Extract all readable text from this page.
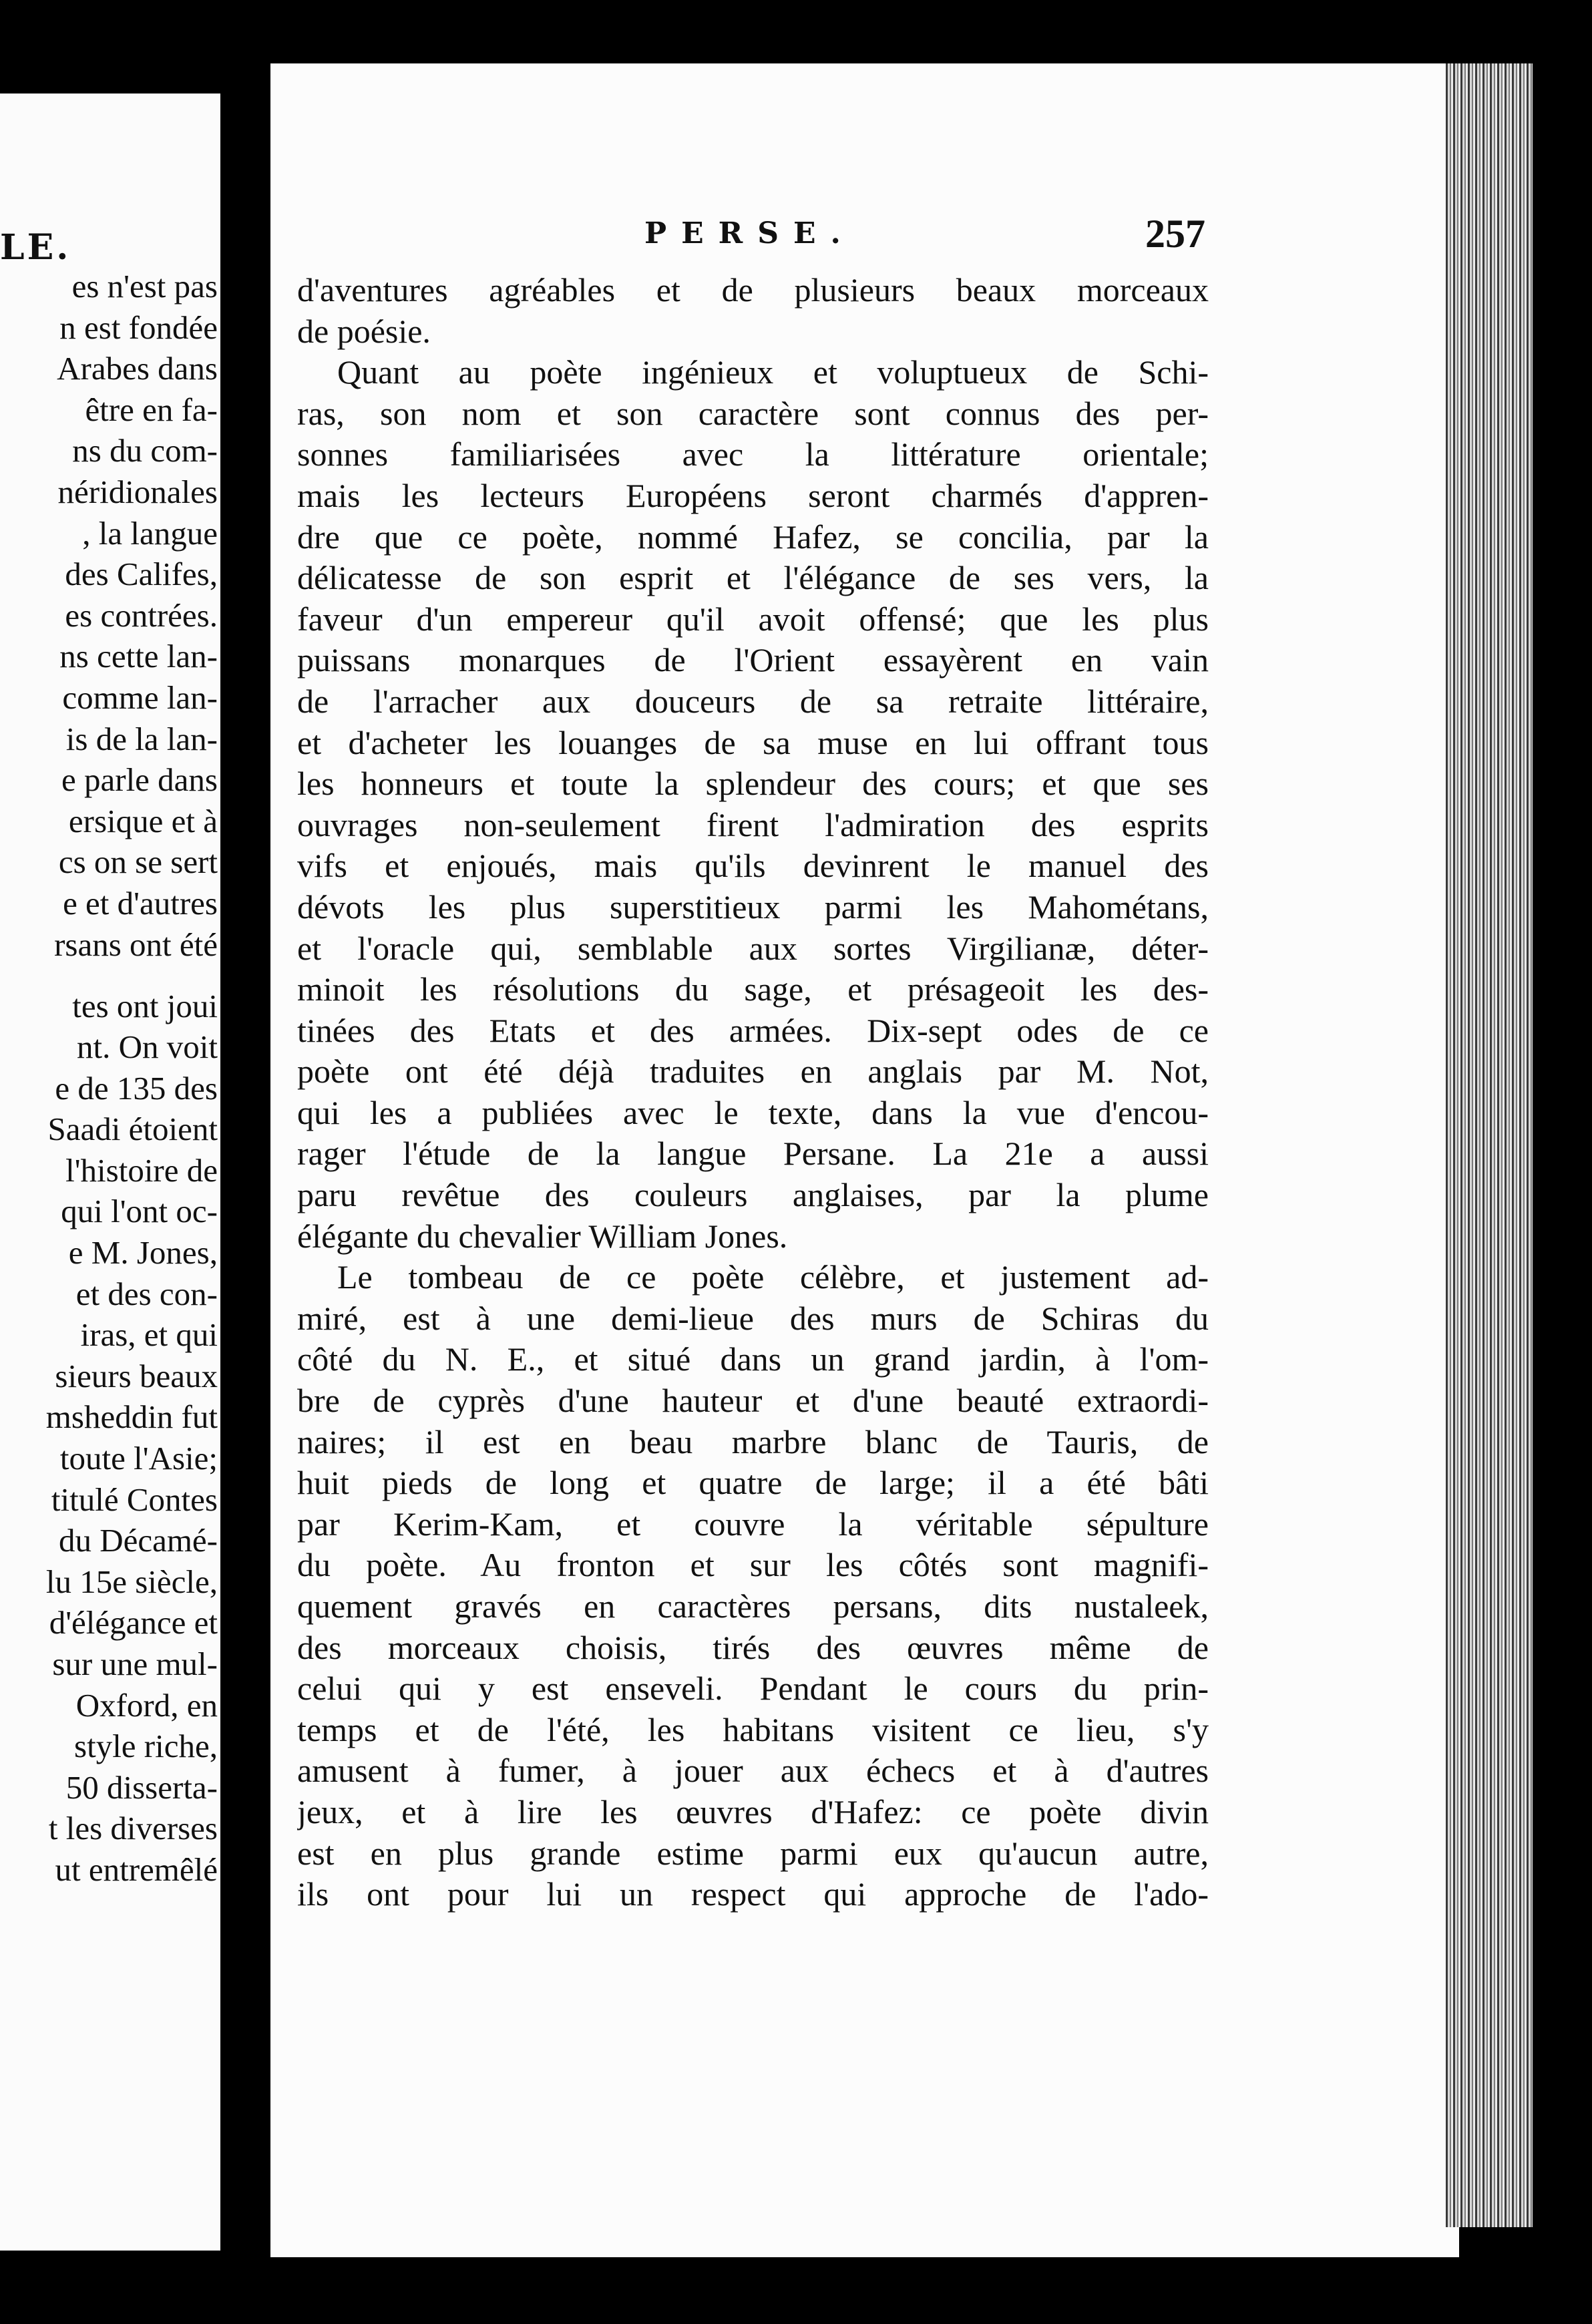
LE.
es n'est pas
n est fondée
Arabes dans
être en fa-
ns du com-
néridionales
, la langue
des Califes,
es contrées.
ns cette lan-
comme lan-
is de la lan-
e parle dans
ersique et à
cs on se sert
e et d'autres
rsans ont été
tes ont joui
nt. On voit
e de 135 des
Saadi étoient
l'histoire de
qui l'ont oc-
e M. Jones,
et des con-
iras, et qui
sieurs beaux
msheddin fut
toute l'Asie;
titulé Contes
du Décamé-
lu 15e siècle,
d'élégance et
sur une mul-
Oxford, en
style riche,
50 disserta-
t les diverses
ut entremêlé
PERSE.	257
d'aventures agréables et de plusieurs beaux morceaux
de poésie.
Quant au poète ingénieux et voluptueux de Schi-
ras, son nom et son caractère sont connus des per-
sonnes familiarisées avec la littérature orientale;
mais les lecteurs Européens seront charmés d'appren-
dre que ce poète, nommé Hafez, se concilia, par la
délicatesse de son esprit et l'élégance de ses vers, la
faveur d'un empereur qu'il avoit offensé; que les plus
puissans monarques de l'Orient essayèrent en vain
de l'arracher aux douceurs de sa retraite littéraire,
et d'acheter les louanges de sa muse en lui offrant tous
les honneurs et toute la splendeur des cours; et que ses
ouvrages non-seulement firent l'admiration des esprits
vifs et enjoués, mais qu'ils devinrent le manuel des
dévots les plus superstitieux parmi les Mahométans,
et l'oracle qui, semblable aux sortes Virgilianæ, déter-
minoit les résolutions du sage, et présageoit les des-
tinées des Etats et des armées. Dix-sept odes de ce
poète ont été déjà traduites en anglais par M. Not,
qui les a publiées avec le texte, dans la vue d'encou-
rager l'étude de la langue Persane. La 21e a aussi
paru revêtue des couleurs anglaises, par la plume
élégante du chevalier William Jones.
Le tombeau de ce poète célèbre, et justement ad-
miré, est à une demi-lieue des murs de Schiras du
côté du N. E., et situé dans un grand jardin, à l'om-
bre de cyprès d'une hauteur et d'une beauté extraordi-
naires; il est en beau marbre blanc de Tauris, de
huit pieds de long et quatre de large; il a été bâti
par Kerim-Kam, et couvre la véritable sépulture
du poète. Au fronton et sur les côtés sont magnifi-
quement gravés en caractères persans, dits nustaleek,
des morceaux choisis, tirés des œuvres même de
celui qui y est enseveli. Pendant le cours du prin-
temps et de l'été, les habitans visitent ce lieu, s'y
amusent à fumer, à jouer aux échecs et à d'autres
jeux, et à lire les œuvres d'Hafez: ce poète divin
est en plus grande estime parmi eux qu'aucun autre,
ils ont pour lui un respect qui approche de l'ado-
